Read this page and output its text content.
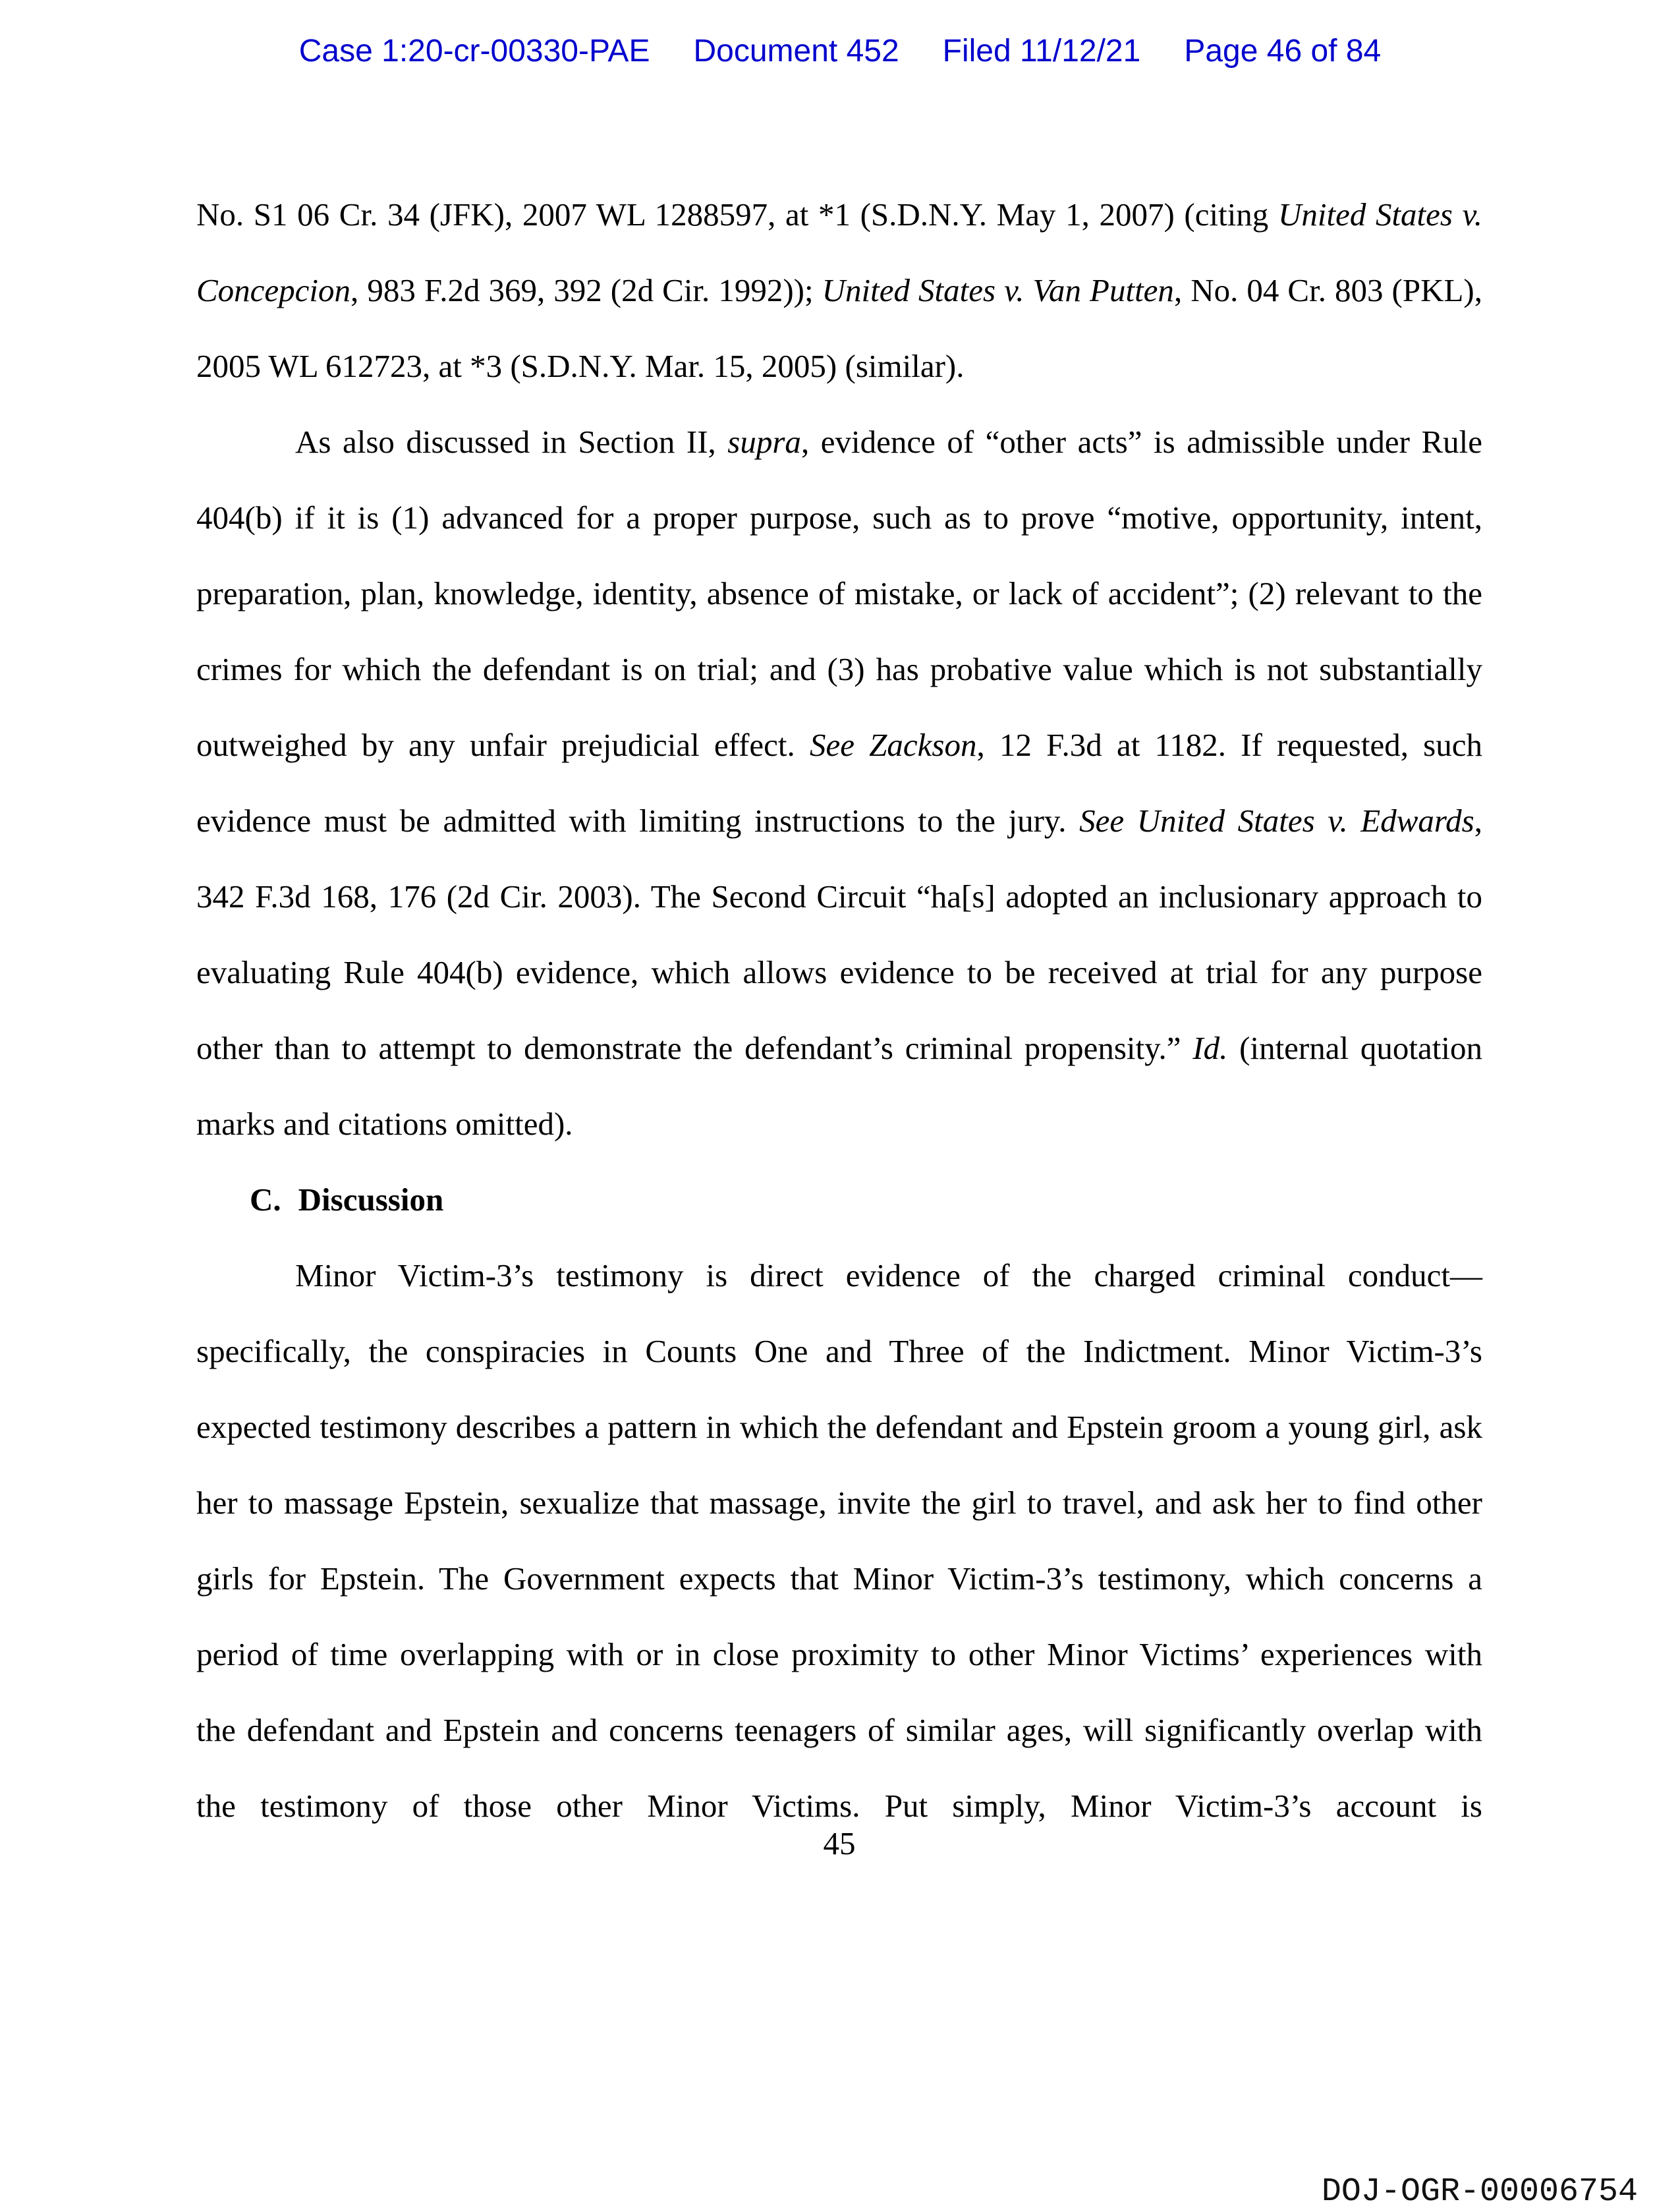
Case 1:20-cr-00330-PAE Document 452 Filed 11/12/21 Page 46 of 84
No. S1 06 Cr. 34 (JFK), 2007 WL 1288597, at *1 (S.D.N.Y. May 1, 2007) (citing United States v.
Concepcion, 983 F.2d 369, 392 (2d Cir. 1992)); United States v. Van Putten, No. 04 Cr. 803 (PKL),
2005 WL 612723, at *3 (S.D.N.Y. Mar. 15, 2005) (similar).
As also discussed in Section II, supra, evidence of “other acts” is admissible under Rule
404(b) if it is (1) advanced for a proper purpose, such as to prove “motive, opportunity, intent,
preparation, plan, knowledge, identity, absence of mistake, or lack of accident”; (2) relevant to the
crimes for which the defendant is on trial; and (3) has probative value which is not substantially
outweighed by any unfair prejudicial effect. See Zackson, 12 F.3d at 1182. If requested, such
evidence must be admitted with limiting instructions to the jury. See United States v. Edwards,
342 F.3d 168, 176 (2d Cir. 2003). The Second Circuit “ha[s] adopted an inclusionary approach to
evaluating Rule 404(b) evidence, which allows evidence to be received at trial for any purpose
other than to attempt to demonstrate the defendant’s criminal propensity.” Id. (internal quotation
marks and citations omitted).
C. Discussion
Minor Victim-3’s testimony is direct evidence of the charged criminal conduct—
specifically, the conspiracies in Counts One and Three of the Indictment. Minor Victim-3’s
expected testimony describes a pattern in which the defendant and Epstein groom a young girl, ask
her to massage Epstein, sexualize that massage, invite the girl to travel, and ask her to find other
girls for Epstein. The Government expects that Minor Victim-3’s testimony, which concerns a
period of time overlapping with or in close proximity to other Minor Victims’ experiences with
the defendant and Epstein and concerns teenagers of similar ages, will significantly overlap with
the testimony of those other Minor Victims. Put simply, Minor Victim-3’s account is
45
DOJ-OGR-00006754
